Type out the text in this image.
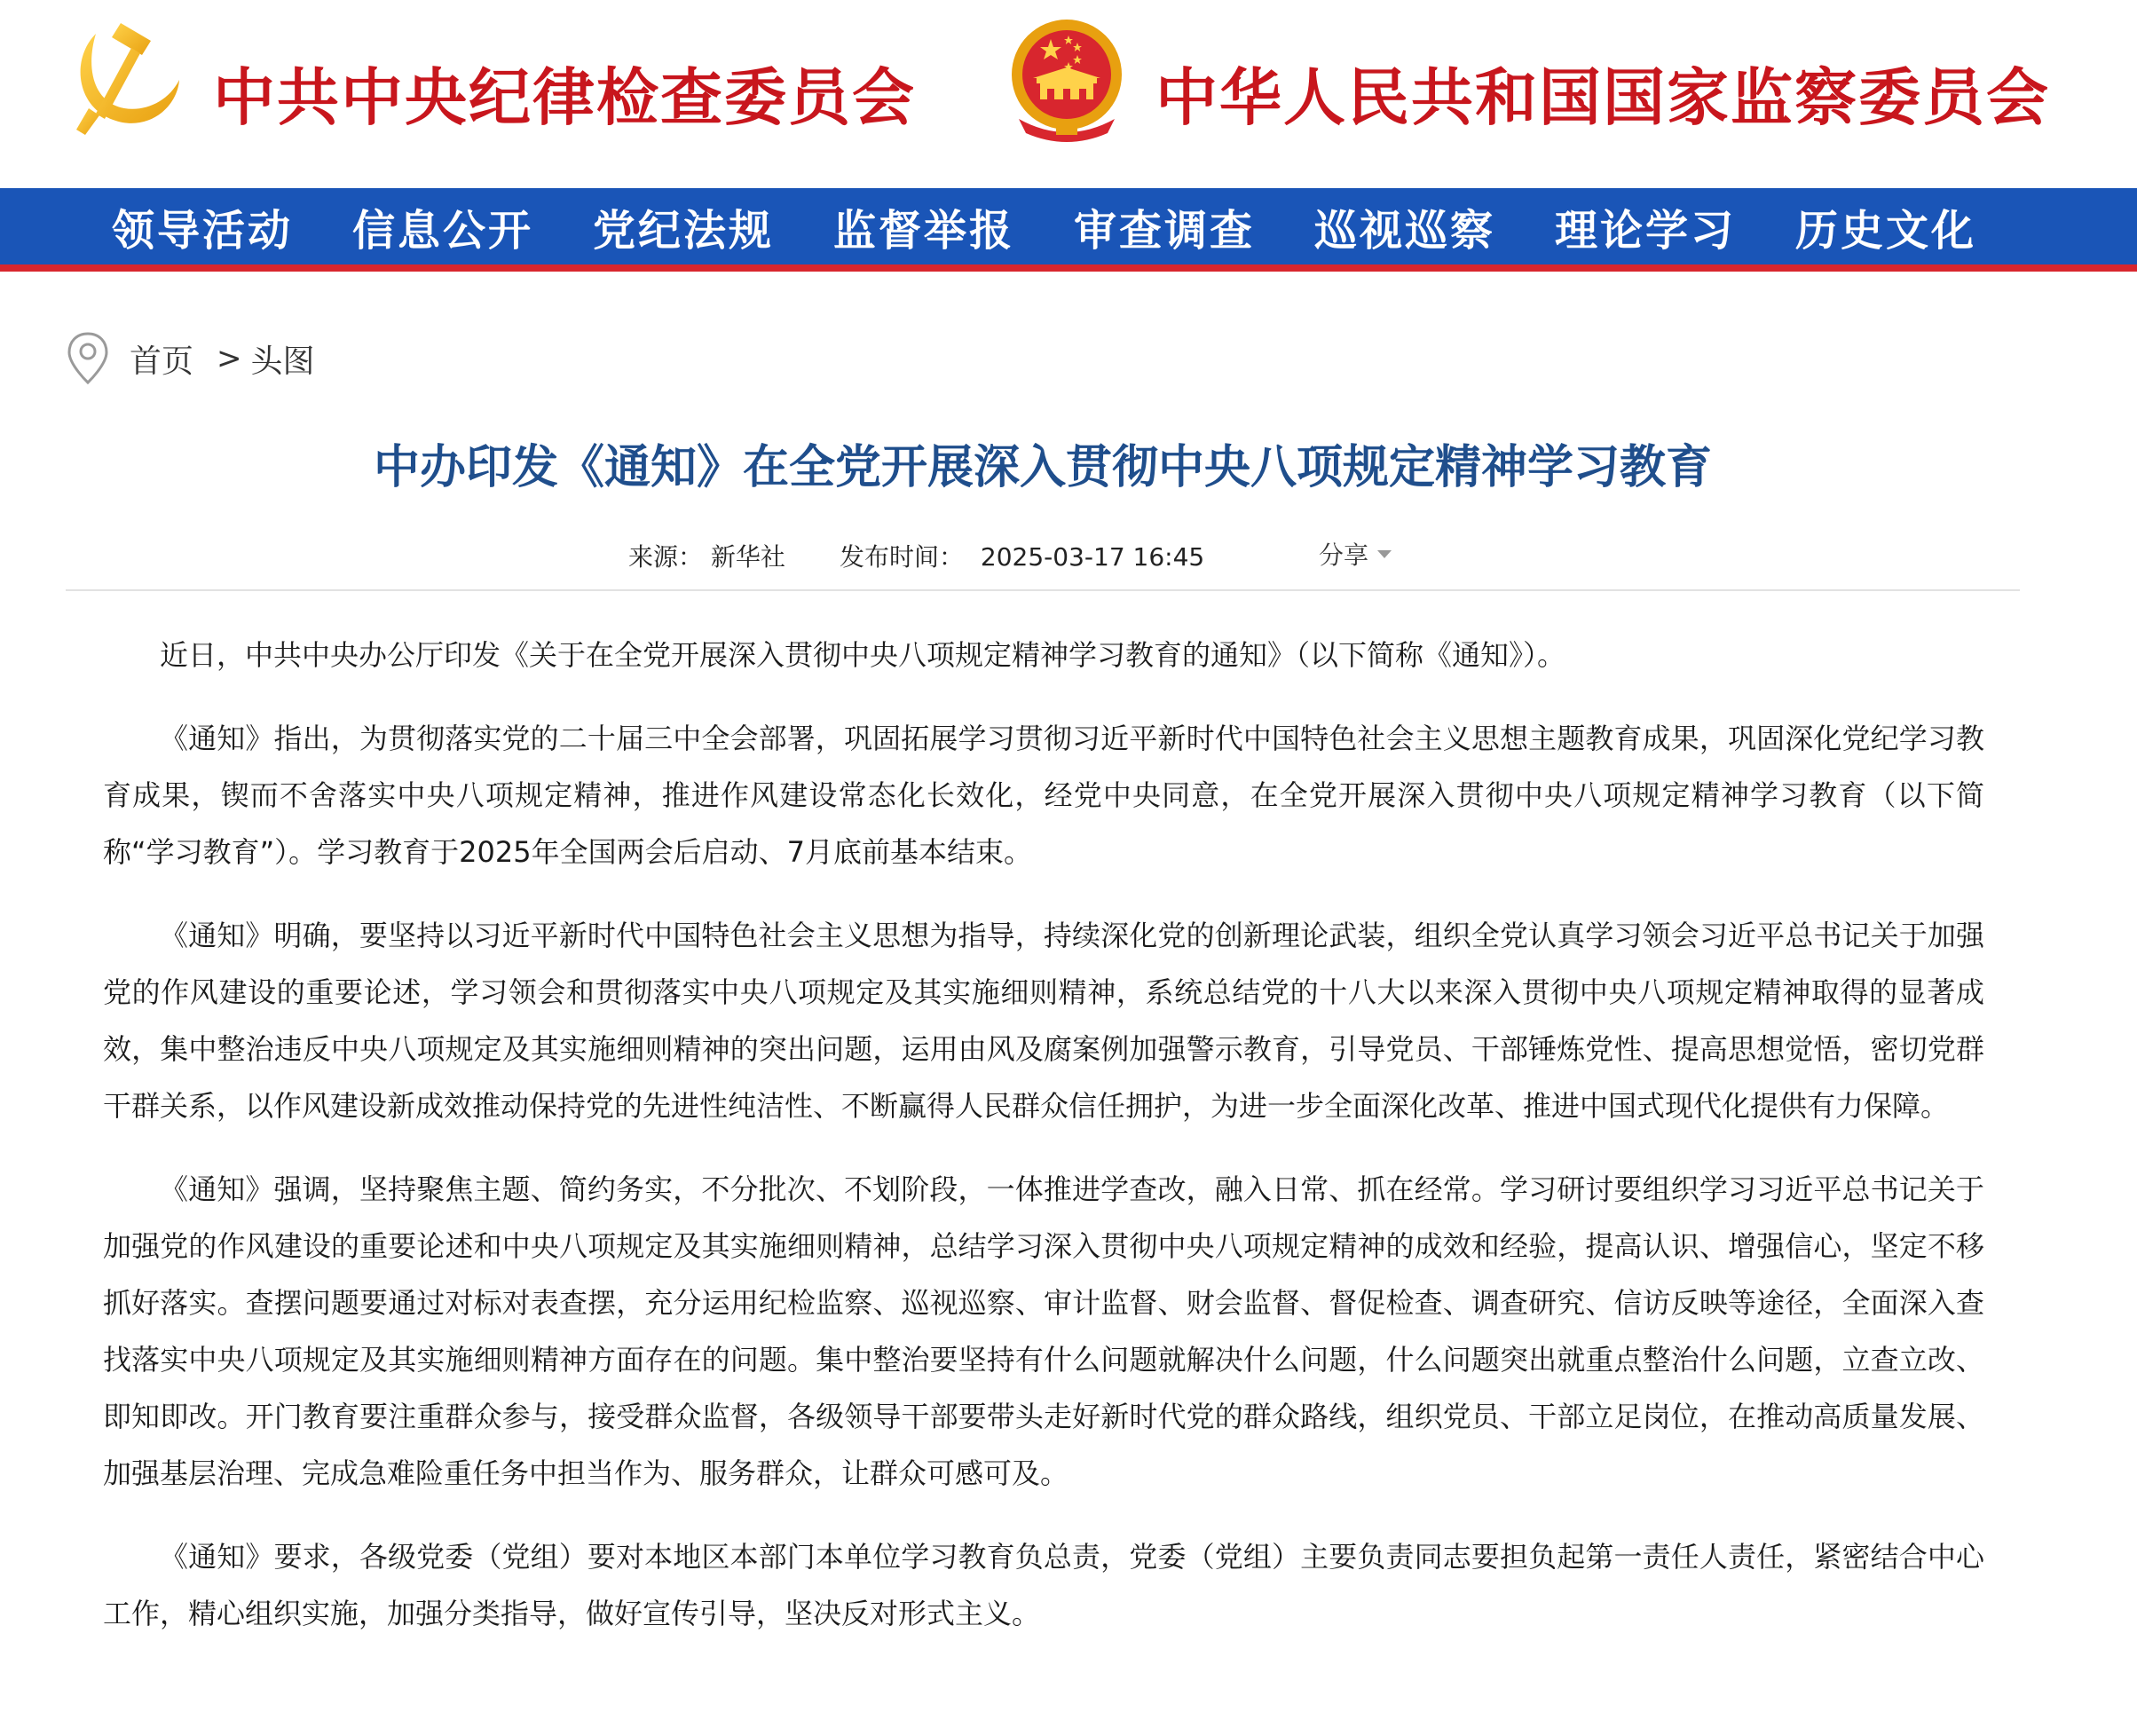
中共中央纪律检查委员会	中华人民共和国国家监察委员会
领导活动	信息公开	党纪法规	监督举报	审查调查	巡视巡察	理论学习	历史文化
首页 > 头图
中办印发《通知》在全党开展深入贯彻中央八项规定精神学习教育
来源： 新华社 发布时间： 2025-03-17 16:45	分享

近日，中共中央办公厅印发《关于在全党开展深入贯彻中央八项规定精神学习教育的通知》（以下简称《通知》）。

《通知》指出，为贯彻落实党的二十届三中全会部署，巩固拓展学习贯彻习近平新时代中国特色社会主义思想主题教育成果，巩固深化党纪学习教育成果，锲而不舍落实中央八项规定精神，推进作风建设常态化长效化，经党中央同意，在全党开展深入贯彻中央八项规定精神学习教育（以下简称“学习教育”）。学习教育于2025年全国两会后启动、7月底前基本结束。

《通知》明确，要坚持以习近平新时代中国特色社会主义思想为指导，持续深化党的创新理论武装，组织全党认真学习领会习近平总书记关于加强党的作风建设的重要论述，学习领会和贯彻落实中央八项规定及其实施细则精神，系统总结党的十八大以来深入贯彻中央八项规定精神取得的显著成效，集中整治违反中央八项规定及其实施细则精神的突出问题，运用由风及腐案例加强警示教育，引导党员、干部锤炼党性、提高思想觉悟，密切党群干群关系，以作风建设新成效推动保持党的先进性纯洁性、不断赢得人民群众信任拥护，为进一步全面深化改革、推进中国式现代化提供有力保障。

《通知》强调，坚持聚焦主题、简约务实，不分批次、不划阶段，一体推进学查改，融入日常、抓在经常。学习研讨要组织学习习近平总书记关于加强党的作风建设的重要论述和中央八项规定及其实施细则精神，总结学习深入贯彻中央八项规定精神的成效和经验，提高认识、增强信心，坚定不移抓好落实。查摆问题要通过对标对表查摆，充分运用纪检监察、巡视巡察、审计监督、财会监督、督促检查、调查研究、信访反映等途径，全面深入查找落实中央八项规定及其实施细则精神方面存在的问题。集中整治要坚持有什么问题就解决什么问题，什么问题突出就重点整治什么问题，立查立改、即知即改。开门教育要注重群众参与，接受群众监督，各级领导干部要带头走好新时代党的群众路线，组织党员、干部立足岗位，在推动高质量发展、加强基层治理、完成急难险重任务中担当作为、服务群众，让群众可感可及。

《通知》要求，各级党委（党组）要对本地区本部门本单位学习教育负总责，党委（党组）主要负责同志要担负起第一责任人责任，紧密结合中心工作，精心组织实施，加强分类指导，做好宣传引导，坚决反对形式主义。
